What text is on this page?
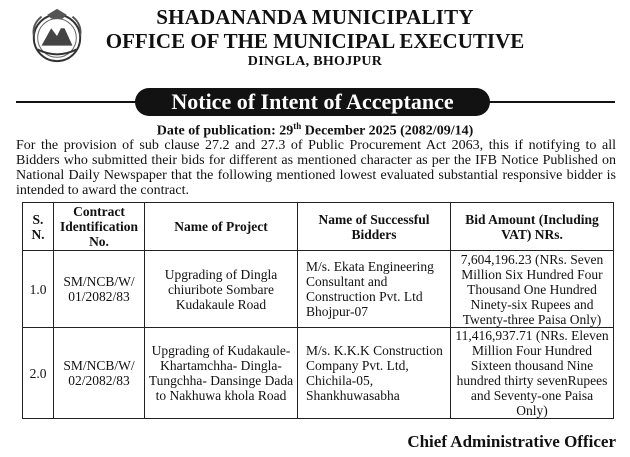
SHADANANDA MUNICIPALITY
OFFICE OF THE MUNICIPAL EXECUTIVE
DINGLA, BHOJPUR
Notice of Intent of Acceptance
Date of publication: 29th December 2025 (2082/09/14)
For the provision of sub clause 27.2 and 27.3 of Public Procurement Act 2063, this if notifying to all Bidders who submitted their bids for different as mentioned character as per the IFB Notice Published on National Daily Newspaper that the following mentioned lowest evaluated substantial responsive bidder is intended to award the contract.
S. N.	Contract Identification No.	Name of Project	Name of Successful Bidders	Bid Amount (Including VAT) NRs.
1.0	SM/NCB/W/ 01/2082/83	Upgrading of Dingla chiuribote Sombare Kudakaule Road	M/s. Ekata Engineering Consultant and Construction Pvt. Ltd Bhojpur-07	7,604,196.23 (NRs. Seven Million Six Hundred Four Thousand One Hundred Ninety-six Rupees and Twenty-three Paisa Only)
2.0	SM/NCB/W/ 02/2082/83	Upgrading of Kudakaule- Khartamchha- Dingla- Tungchha- Dansinge Dada to Nakhuwa khola Road	M/s. K.K.K Construction Company Pvt. Ltd, Chichila-05, Shankhuwasabha	11,416,937.71 (NRs. Eleven Million Four Hundred Sixteen thousand Nine hundred thirty sevenRupees and Seventy-one Paisa Only)
Chief Administrative Officer
